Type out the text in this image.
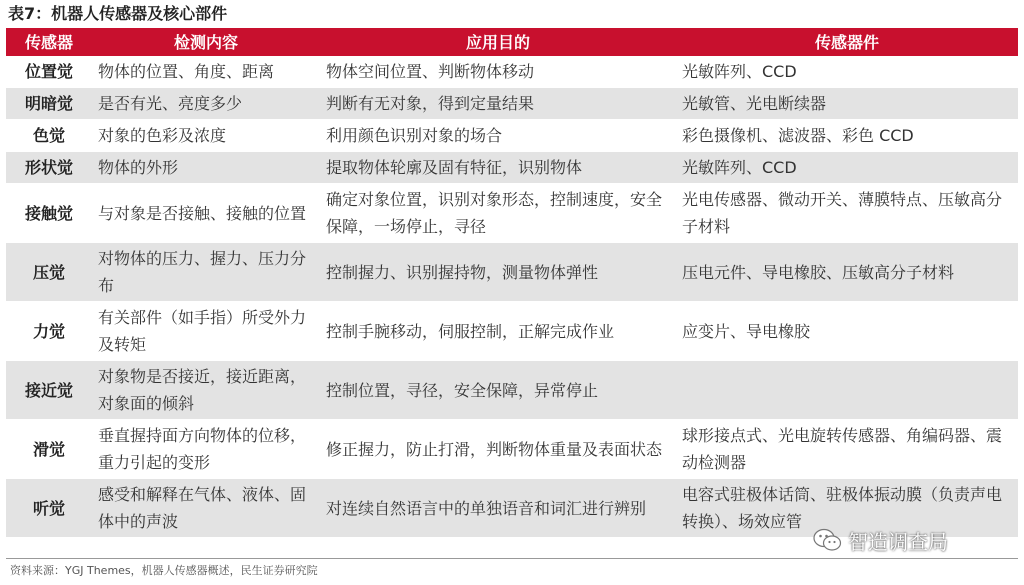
表7：机器人传感器及核心部件
传感器	检测内容	应用目的	传感器件
位置觉	物体的位置、角度、距离	物体空间位置、判断物体移动	光敏阵列、CCD
明暗觉	是否有光、亮度多少	判断有无对象，得到定量结果	光敏管、光电断续器
色觉	对象的色彩及浓度	利用颜色识别对象的场合	彩色摄像机、滤波器、彩色 CCD
形状觉	物体的外形	提取物体轮廓及固有特征，识别物体	光敏阵列、CCD
接触觉	与对象是否接触、接触的位置	确定对象位置，识别对象形态，控制速度，安全保障，一场停止，寻径	光电传感器、微动开关、薄膜特点、压敏高分子材料
压觉	对物体的压力、握力、压力分布	控制握力、识别握持物，测量物体弹性	压电元件、导电橡胶、压敏高分子材料
力觉	有关部件（如手指）所受外力及转矩	控制手腕移动，伺服控制，正解完成作业	应变片、导电橡胶
接近觉	对象物是否接近，接近距离，对象面的倾斜	控制位置，寻径，安全保障，异常停止	
滑觉	垂直握持面方向物体的位移，重力引起的变形	修正握力，防止打滑，判断物体重量及表面状态	球形接点式、光电旋转传感器、角编码器、震动检测器
听觉	感受和解释在气体、液体、固体中的声波	对连续自然语言中的单独语音和词汇进行辨别	电容式驻极体话筒、驻极体振动膜（负责声电转换）、场效应管
资料来源：YGJ Themes，机器人传感器概述，民生证券研究院
智造调查局
